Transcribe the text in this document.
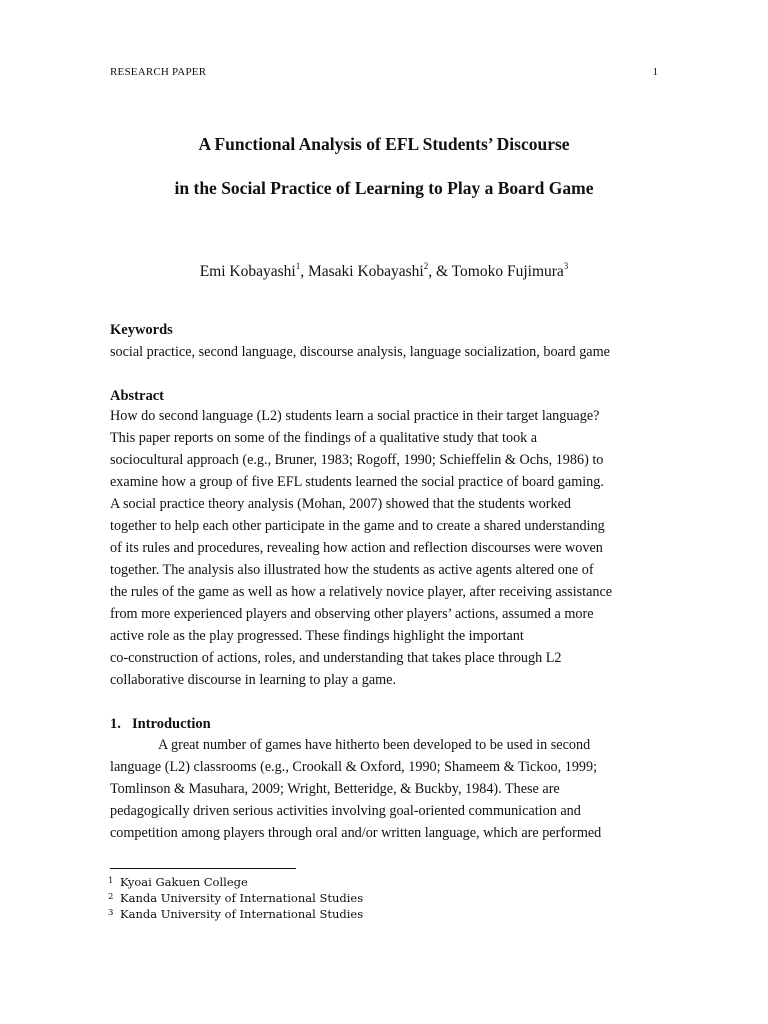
RESEARCH PAPER	1
A Functional Analysis of EFL Students’ Discourse
in the Social Practice of Learning to Play a Board Game
Emi Kobayashi$^1$, Masaki Kobayashi$^2$, & Tomoko Fujimura$^3$
Keywords
social practice, second language, discourse analysis, language socialization, board game
Abstract
How do second language (L2) students learn a social practice in their target language?
This paper reports on some of the findings of a qualitative study that took a
sociocultural approach (e.g., Bruner, 1983; Rogoff, 1990; Schieffelin & Ochs, 1986) to
examine how a group of five EFL students learned the social practice of board gaming.
A social practice theory analysis (Mohan, 2007) showed that the students worked
together to help each other participate in the game and to create a shared understanding
of its rules and procedures, revealing how action and reflection discourses were woven
together. The analysis also illustrated how the students as active agents altered one of
the rules of the game as well as how a relatively novice player, after receiving assistance
from more experienced players and observing other players’ actions, assumed a more
active role as the play progressed. These findings highlight the important
co-construction of actions, roles, and understanding that takes place through L2
collaborative discourse in learning to play a game.
1. Introduction
A great number of games have hitherto been developed to be used in second
language (L2) classrooms (e.g., Crookall & Oxford, 1990; Shameem & Tickoo, 1999;
Tomlinson & Masuhara, 2009; Wright, Betteridge, & Buckby, 1984). These are
pedagogically driven serious activities involving goal-oriented communication and
competition among players through oral and/or written language, which are performed
1 Kyoai Gakuen College
2 Kanda University of International Studies
3 Kanda University of International Studies
